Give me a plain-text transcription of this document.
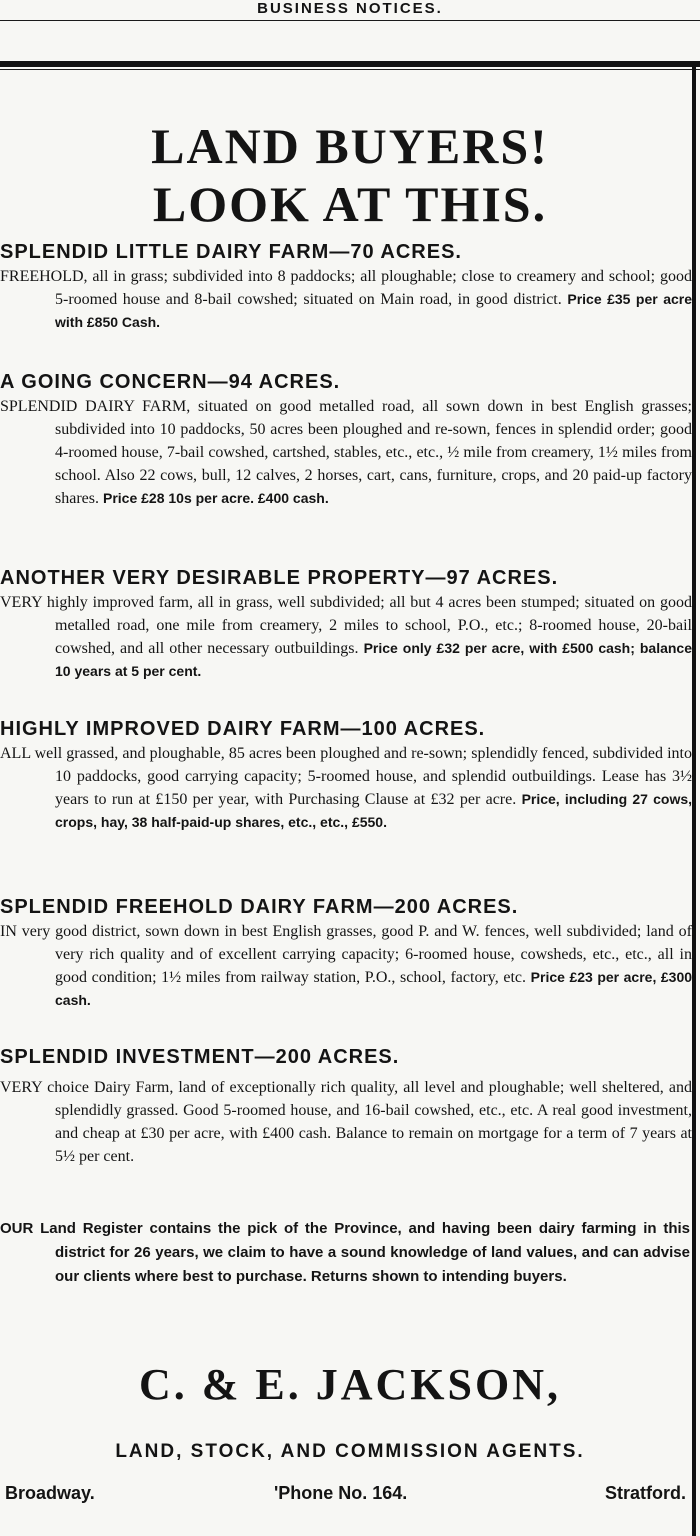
BUSINESS NOTICES.
LAND BUYERS!
LOOK AT THIS.
SPLENDID LITTLE DAIRY FARM—70 ACRES.
FREEHOLD, all in grass; subdivided into 8 paddocks; all ploughable; close to creamery and school; good 5-roomed house and 8-bail cowshed; situated on Main road, in good district. Price £35 per acre with £850 Cash.
A GOING CONCERN—94 ACRES.
SPLENDID DAIRY FARM, situated on good metalled road, all sown down in best English grasses; subdivided into 10 paddocks, 50 acres been ploughed and re-sown, fences in splendid order; good 4-roomed house, 7-bail cowshed, cartshed, stables, etc., etc., ½ mile from creamery, 1½ miles from school. Also 22 cows, bull, 12 calves, 2 horses, cart, cans, furniture, crops, and 20 paid-up factory shares. Price £28 10s per acre. £400 cash.
ANOTHER VERY DESIRABLE PROPERTY—97 ACRES.
VERY highly improved farm, all in grass, well subdivided; all but 4 acres been stumped; situated on good metalled road, one mile from creamery, 2 miles to school, P.O., etc.; 8-roomed house, 20-bail cowshed, and all other necessary outbuildings. Price only £32 per acre, with £500 cash; balance 10 years at 5 per cent.
HIGHLY IMPROVED DAIRY FARM—100 ACRES.
ALL well grassed, and ploughable, 85 acres been ploughed and re-sown; splendidly fenced, subdivided into 10 paddocks, good carrying capacity; 5-roomed house, and splendid outbuildings. Lease has 3½ years to run at £150 per year, with Purchasing Clause at £32 per acre. Price, including 27 cows, crops, hay, 38 half-paid-up shares, etc., etc., £550.
SPLENDID FREEHOLD DAIRY FARM—200 ACRES.
IN very good district, sown down in best English grasses, good P. and W. fences, well subdivided; land of very rich quality and of excellent carrying capacity; 6-roomed house, cowsheds, etc., etc., all in good condition; 1½ miles from railway station, P.O., school, factory, etc. Price £23 per acre, £300 cash.
SPLENDID INVESTMENT—200 ACRES.
VERY choice Dairy Farm, land of exceptionally rich quality, all level and ploughable; well sheltered, and splendidly grassed. Good 5-roomed house, and 16-bail cowshed, etc., etc. A real good investment, and cheap at £30 per acre, with £400 cash. Balance to remain on mortgage for a term of 7 years at 5½ per cent.
OUR Land Register contains the pick of the Province, and having been dairy farming in this district for 26 years, we claim to have a sound knowledge of land values, and can advise our clients where best to purchase. Returns shown to intending buyers.
C. & E. JACKSON,
LAND, STOCK, AND COMMISSION AGENTS.
Broadway.	'Phone No. 164.	Stratford.
